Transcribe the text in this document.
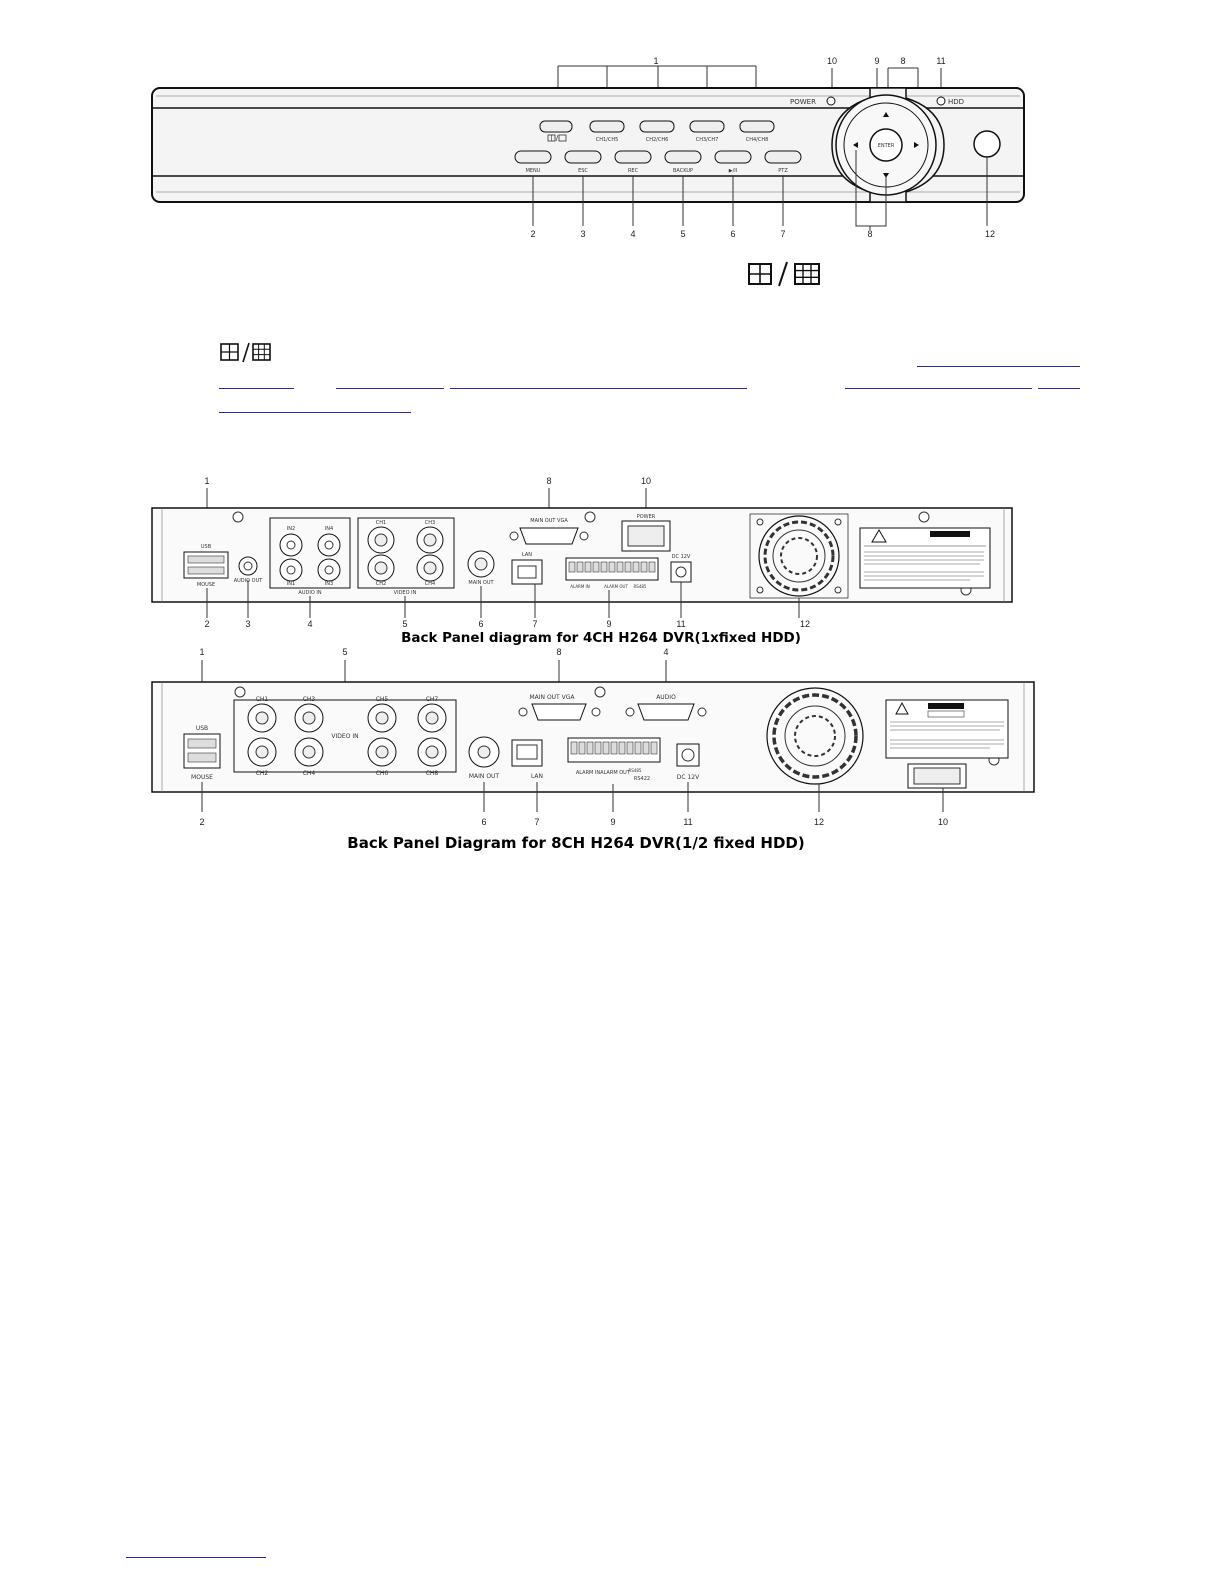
1	10	9 8	11
POWER	HDD
CH1/CH5	CH2/CH6	CH3/CH7	CH4/CH8
MENU	ESC	REC	BACKUP	▶/II	PTZ
ENTER
2	3	4	5	6	7	8	12
1	8	10
USB
MOUSE
AUDIO OUT
IN2	IN4
IN1	IN3
AUDIO IN
CH1	CH3
CH2	CH4
VIDEO IN
MAIN OUT
MAIN OUT VGA
LAN
POWER
ALARM IN	ALARM OUT RS485
DC 12V
2	3	4	5	6	7	9	11	12
Back Panel diagram for 4CH H264 DVR(1xfixed HDD)
1	5	8	4
USB
MOUSE
CH1	CH3	CH5	CH7
VIDEO IN
CH2	CH4	CH6	CH8	MAIN OUT
MAIN OUT VGA	AUDIO
LAN	ALARM IN ALARM OUT
RS485
RS422	DC 12V
2	6	7	9	11	12	10
Back Panel Diagram for 8CH H264 DVR(1/2 fixed HDD)
